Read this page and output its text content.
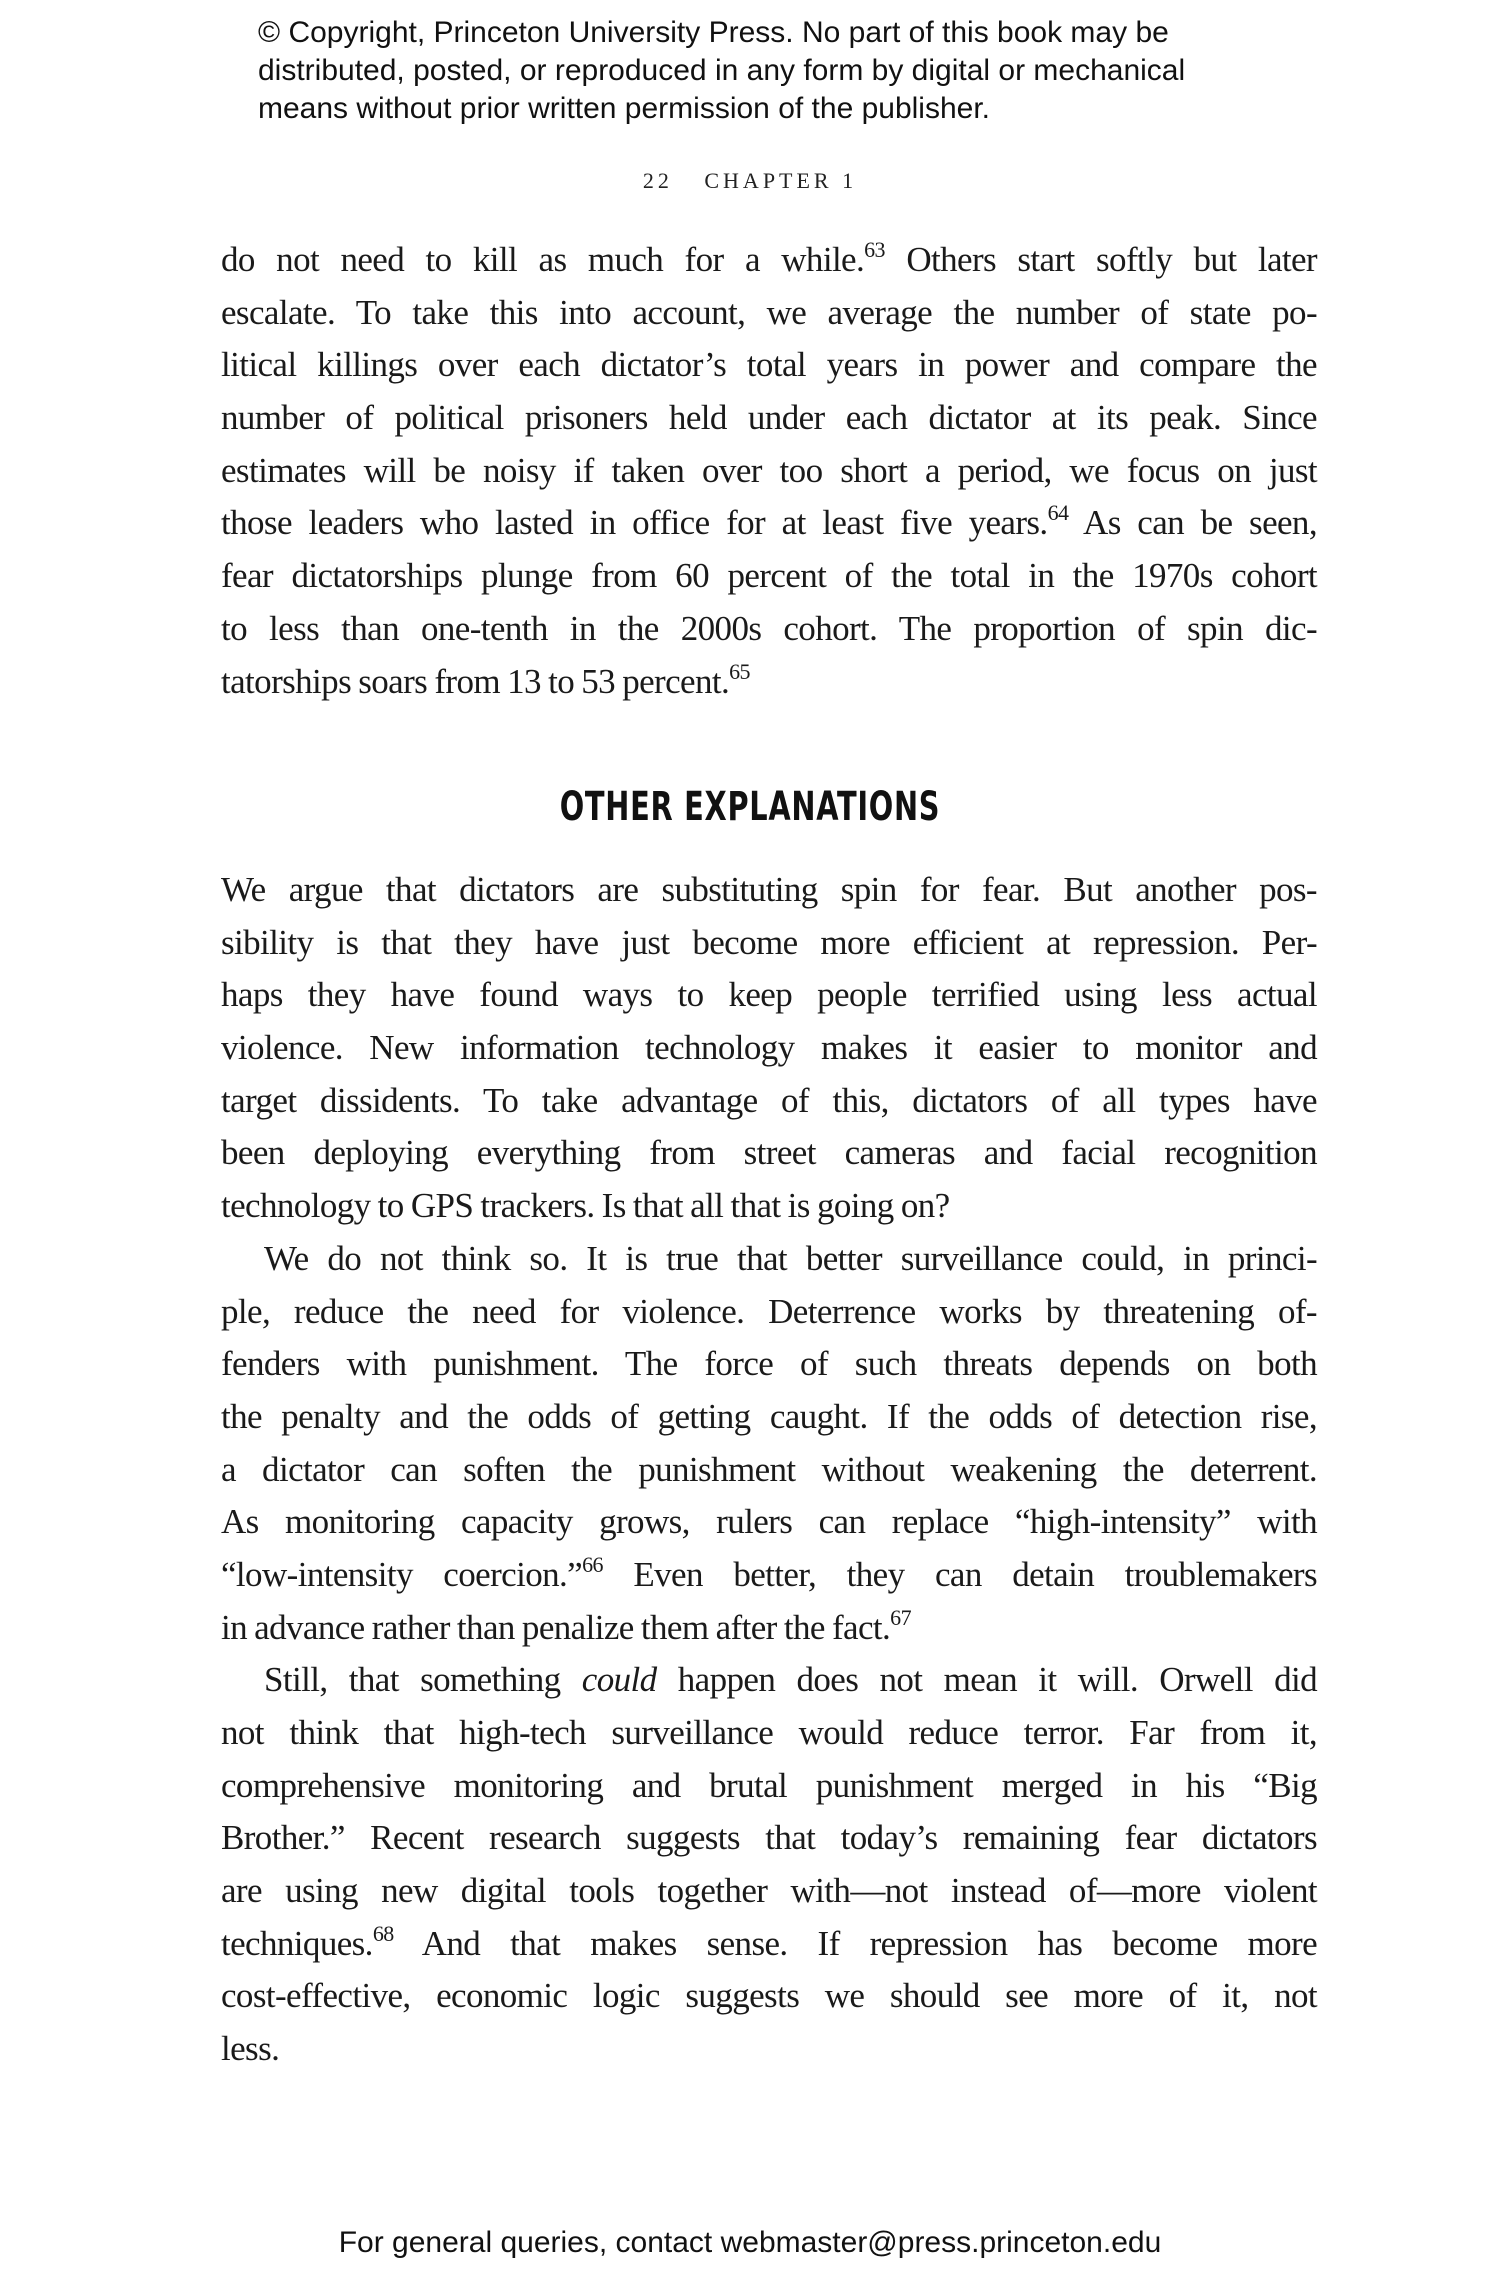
© Copyright, Princeton University Press. No part of this book may be
distributed, posted, or reproduced in any form by digital or mechanical
means without prior written permission of the publisher.
22 CHAPTER 1
do not need to kill as much for a while.$^{63}$ Others start softly but later
escalate. To take this into account, we average the number of state po-
litical killings over each dictator’s total years in power and compare the
number of political prisoners held under each dictator at its peak. Since
estimates will be noisy if taken over too short a period, we focus on just
those leaders who lasted in office for at least five years.$^{64}$ As can be seen,
fear dictatorships plunge from 60 percent of the total in the 1970s cohort
to less than one-tenth in the 2000s cohort. The proportion of spin dic-
tatorships soars from 13 to 53 percent.$^{65}$
OTHER EXPLANATIONS
We argue that dictators are substituting spin for fear. But another pos-
sibility is that they have just become more efficient at repression. Per-
haps they have found ways to keep people terrified using less actual
violence. New information technology makes it easier to monitor and
target dissidents. To take advantage of this, dictators of all types have
been deploying everything from street cameras and facial recognition
technology to GPS trackers. Is that all that is going on?
We do not think so. It is true that better surveillance could, in princi-
ple, reduce the need for violence. Deterrence works by threatening of-
fenders with punishment. The force of such threats depends on both
the penalty and the odds of getting caught. If the odds of detection rise,
a dictator can soften the punishment without weakening the deterrent.
As monitoring capacity grows, rulers can replace “high-intensity” with
“low-intensity coercion.”$^{66}$ Even better, they can detain troublemakers
in advance rather than penalize them after the fact.$^{67}$
Still, that something could happen does not mean it will. Orwell did
not think that high-tech surveillance would reduce terror. Far from it,
comprehensive monitoring and brutal punishment merged in his “Big
Brother.” Recent research suggests that today’s remaining fear dictators
are using new digital tools together with—not instead of—more violent
techniques.$^{68}$ And that makes sense. If repression has become more
cost-effective, economic logic suggests we should see more of it, not
less.
For general queries, contact webmaster@press.princeton.edu
